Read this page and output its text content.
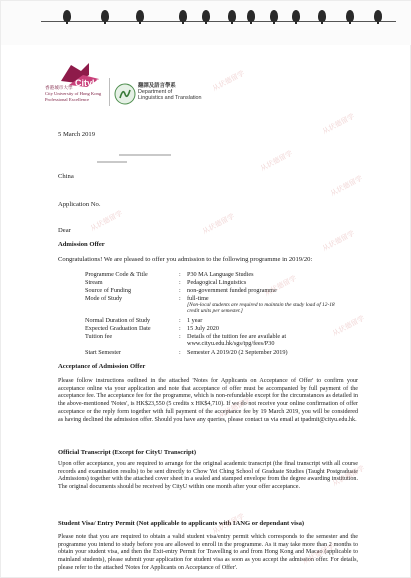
CityU
香港城市大學
City University of Hong Kong
Professional Excellence
翻譯及語言學系
Department of
Linguistics and Translation
5 March 2019
China
Application No.
Dear
Admission Offer
Congratulations! We are pleased to offer you admission to the following programme in 2019/20:
Programme Code & Title	: P30 MA Language Studies
Stream	: Pedagogical Linguistics
Source of Funding	: non-government funded programme
Mode of Study	: full-time
[Non-local students are required to maintain the study load of 12-18 credit units per semester.]
Normal Duration of Study	: 1 year
Expected Graduation Date	: 15 July 2020
Tuition fee	: Details of the tuition fee are available at www.cityu.edu.hk/sgs/tpg/fees/P30
Start Semester	: Semester A 2019/20 (2 September 2019)
Acceptance of Admission Offer
Please follow instructions outlined in the attached 'Notes for Applicants on Acceptance of Offer' to confirm your acceptance online via your application and note that acceptance of offer must be accompanied by full payment of the acceptance fee. The acceptance fee for the programme, which is non-refundable except for the circumstances as detailed in the above-mentioned 'Notes', is HK$23,550 (5 credits x HK$4,710). If we do not receive your online confirmation of offer acceptance or the reply form together with full payment of the acceptance fee by 19 March 2019, you will be considered as having declined the admission offer. Should you have any queries, please contact us via email at tpadmit@cityu.edu.hk.
Official Transcript (Except for CityU Transcript)
Upon offer acceptance, you are required to arrange for the original academic transcript (the final transcript with all course records and examination results) to be sent directly to Chow Yei Ching School of Graduate Studies (Taught Postgraduate Admissions) together with the attached cover sheet in a sealed and stamped envelope from the degree awarding institution. The original documents should be received by CityU within one month after your offer acceptance.
Student Visa/ Entry Permit (Not applicable to applicants with IANG or dependant visa)
Please note that you are required to obtain a valid student visa/entry permit which corresponds to the semester and the programme you intend to study before you are allowed to enroll in the programme. As it may take more than 2 months to obtain your student visa, and then the Exit-entry Permit for Travelling to and from Hong Kong and Macao (applicable to mainland students), please submit your application for student visa as soon as you accept the admission offer. For details, please refer to the attached 'Notes for Applicants on Acceptance of Offer'.
从状德留学
从状德留学
从状德留学
从状德留学
从状德留学	从状德留学
从状德留学
从状德留学
从状德留学
从状德留学
从状德留学
从状德留学
从状德留学
